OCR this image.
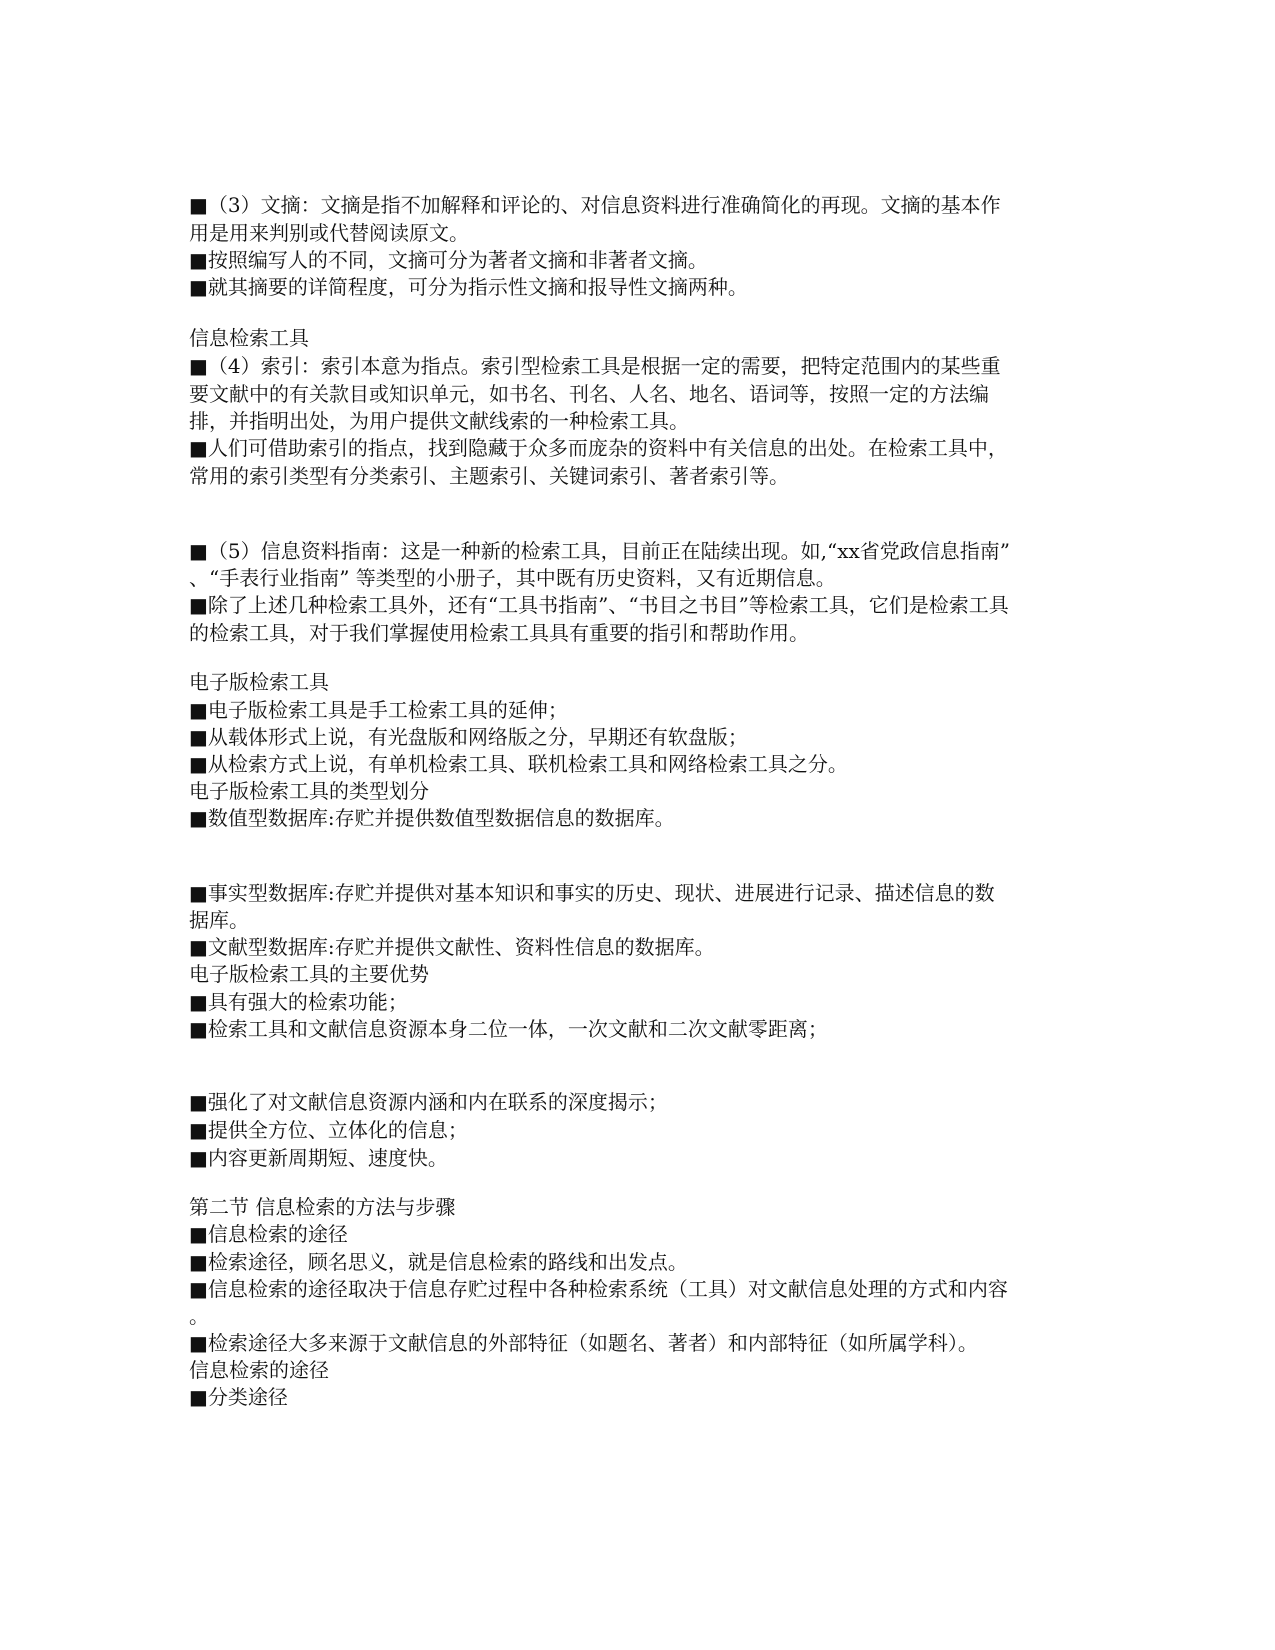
■（3）文摘：文摘是指不加解释和评论的、对信息资料进行准确简化的再现。文摘的基本作
用是用来判别或代替阅读原文。
■按照编写人的不同，文摘可分为著者文摘和非著者文摘。
■就其摘要的详简程度，可分为指示性文摘和报导性文摘两种。
信息检索工具
■（4）索引：索引本意为指点。索引型检索工具是根据一定的需要，把特定范围内的某些重
要文献中的有关款目或知识单元，如书名、刊名、人名、地名、语词等，按照一定的方法编
排，并指明出处，为用户提供文献线索的一种检索工具。
■人们可借助索引的指点，找到隐藏于众多而庞杂的资料中有关信息的出处。在检索工具中，
常用的索引类型有分类索引、主题索引、关键词索引、著者索引等。
■（5）信息资料指南：这是一种新的检索工具，目前正在陆续出现。如,“xx省党政信息指南”
、“手表行业指南” 等类型的小册子，其中既有历史资料，又有近期信息。
■除了上述几种检索工具外，还有“工具书指南”、“书目之书目”等检索工具，它们是检索工具
的检索工具，对于我们掌握使用检索工具具有重要的指引和帮助作用。
电子版检索工具
■电子版检索工具是手工检索工具的延伸；
■从载体形式上说，有光盘版和网络版之分，早期还有软盘版；
■从检索方式上说，有单机检索工具、联机检索工具和网络检索工具之分。
电子版检索工具的类型划分
■数值型数据库:存贮并提供数值型数据信息的数据库。
■事实型数据库:存贮并提供对基本知识和事实的历史、现状、进展进行记录、描述信息的数
据库。
■文献型数据库:存贮并提供文献性、资料性信息的数据库。
电子版检索工具的主要优势
■具有强大的检索功能；
■检索工具和文献信息资源本身二位一体，一次文献和二次文献零距离；
■强化了对文献信息资源内涵和内在联系的深度揭示；
■提供全方位、立体化的信息；
■内容更新周期短、速度快。
第二节 信息检索的方法与步骤
■信息检索的途径
■检索途径，顾名思义，就是信息检索的路线和出发点。
■信息检索的途径取决于信息存贮过程中各种检索系统（工具）对文献信息处理的方式和内容
。
■检索途径大多来源于文献信息的外部特征（如题名、著者）和内部特征（如所属学科）。
信息检索的途径
■分类途径
